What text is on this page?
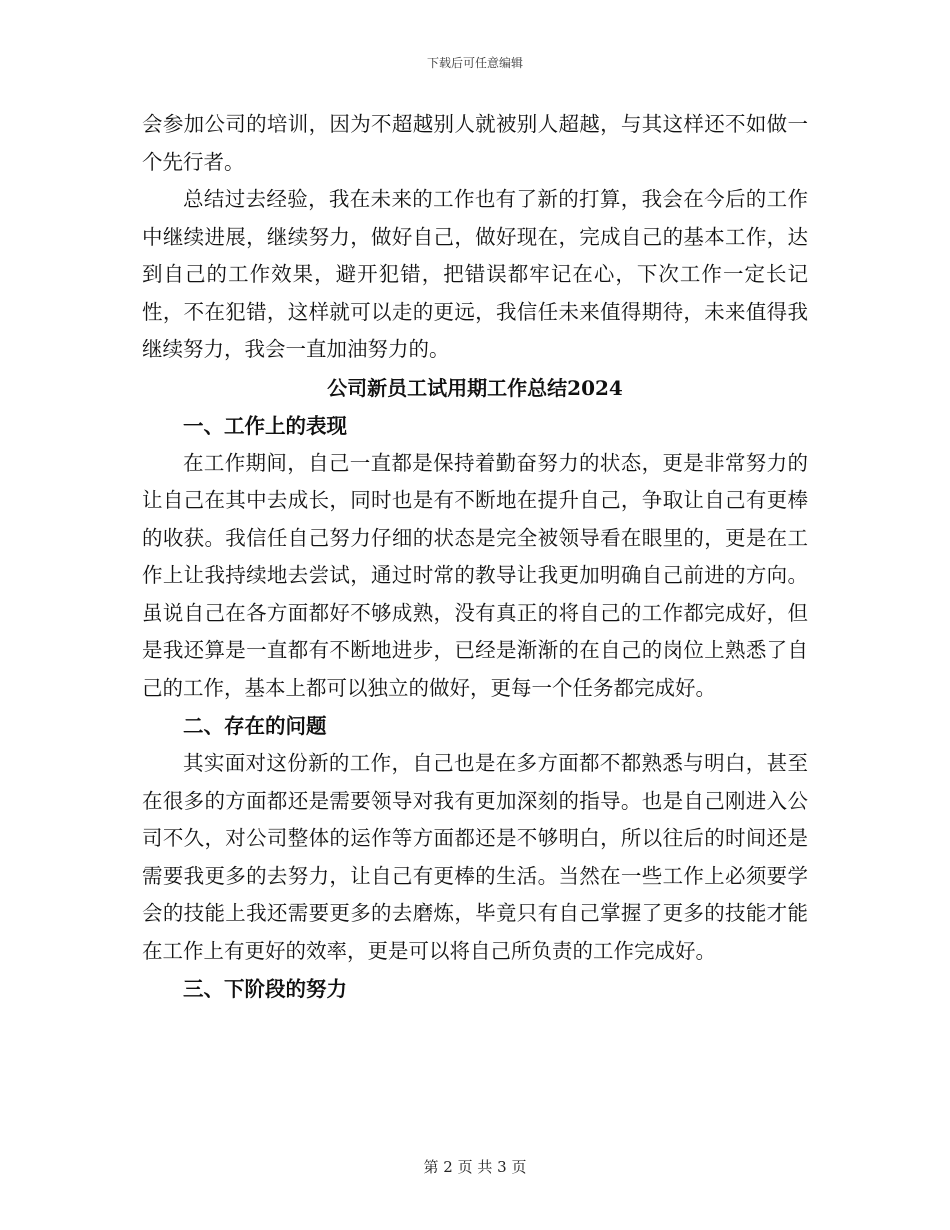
下载后可任意编辑

会参加公司的培训，因为不超越别人就被别人超越，与其这样还不如做一个先行者。

总结过去经验，我在未来的工作也有了新的打算，我会在今后的工作中继续进展，继续努力，做好自己，做好现在，完成自己的基本工作，达到自己的工作效果，避开犯错，把错误都牢记在心，下次工作一定长记性，不在犯错，这样就可以走的更远，我信任未来值得期待，未来值得我继续努力，我会一直加油努力的。

公司新员工试用期工作总结2024

一、工作上的表现

在工作期间，自己一直都是保持着勤奋努力的状态，更是非常努力的让自己在其中去成长，同时也是有不断地在提升自己，争取让自己有更棒的收获。我信任自己努力仔细的状态是完全被领导看在眼里的，更是在工作上让我持续地去尝试，通过时常的教导让我更加明确自己前进的方向。虽说自己在各方面都好不够成熟，没有真正的将自己的工作都完成好，但是我还算是一直都有不断地进步，已经是渐渐的在自己的岗位上熟悉了自己的工作，基本上都可以独立的做好，更每一个任务都完成好。

二、存在的问题

其实面对这份新的工作，自己也是在多方面都不都熟悉与明白，甚至在很多的方面都还是需要领导对我有更加深刻的指导。也是自己刚进入公司不久，对公司整体的运作等方面都还是不够明白，所以往后的时间还是需要我更多的去努力，让自己有更棒的生活。当然在一些工作上必须要学会的技能上我还需要更多的去磨炼，毕竟只有自己掌握了更多的技能才能在工作上有更好的效率，更是可以将自己所负责的工作完成好。

三、下阶段的努力

第 2 页 共 3 页
